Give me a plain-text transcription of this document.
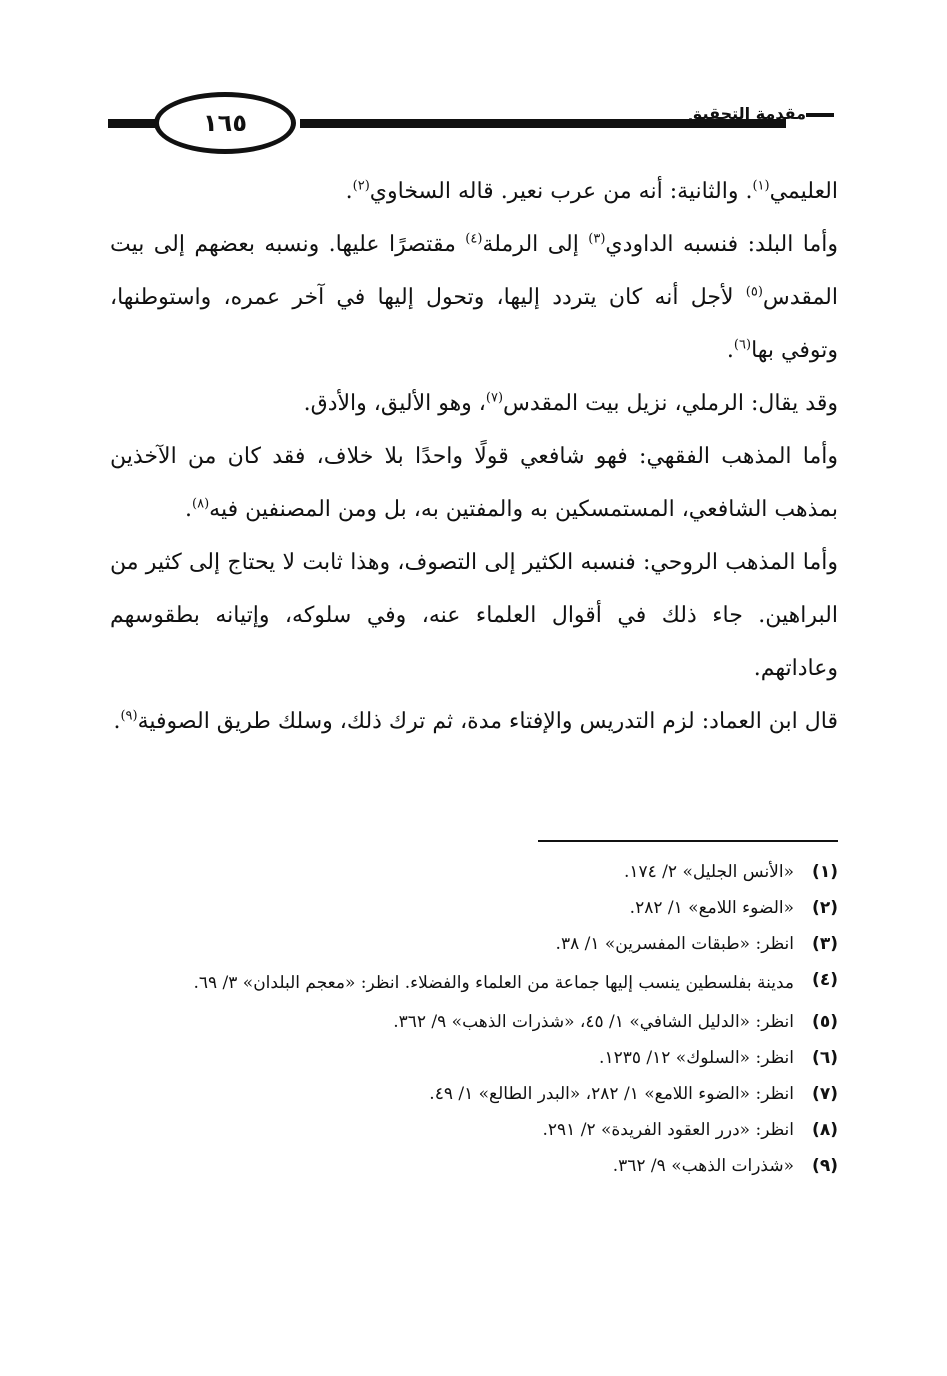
١٦٥	مقدمة التحقيق

العليمي$^{(١)}$. والثانية: أنه من عرب نعير. قاله السخاوي$^{(٢)}$.

وأما البلد: فنسبه الداودي$^{(٣)}$ إلى الرملة$^{(٤)}$ مقتصرًا عليها. ونسبه بعضهم إلى بيت المقدس$^{(٥)}$ لأجل أنه كان يتردد إليها، وتحول إليها في آخر عمره، واستوطنها، وتوفي بها$^{(٦)}$.

وقد يقال: الرملي، نزيل بيت المقدس$^{(٧)}$، وهو الأليق، والأدق.

وأما المذهب الفقهي: فهو شافعي قولًا واحدًا بلا خلاف، فقد كان من الآخذين بمذهب الشافعي، المستمسكين به والمفتين به، بل ومن المصنفين فيه$^{(٨)}$.

وأما المذهب الروحي: فنسبه الكثير إلى التصوف، وهذا ثابت لا يحتاج إلى كثير من البراهين. جاء ذلك في أقوال العلماء عنه، وفي سلوكه، وإتيانه بطقوسهم وعاداتهم.

قال ابن العماد: لزم التدريس والإفتاء مدة، ثم ترك ذلك، وسلك طريق الصوفية$^{(٩)}$.

(١)
«الأنس الجليل» ٢/ ١٧٤.
(٢)
«الضوء اللامع» ١/ ٢٨٢.
(٣)
انظر: «طبقات المفسرين» ١/ ٣٨.
(٤)
مدينة بفلسطين ينسب إليها جماعة من العلماء والفضلاء. انظر: «معجم البلدان» ٣/ ٦٩.
(٥)
انظر: «الدليل الشافي» ١/ ٤٥، «شذرات الذهب» ٩/ ٣٦٢.
(٦)
انظر: «السلوك» ١٢/ ١٢٣٥.
(٧)
انظر: «الضوء اللامع» ١/ ٢٨٢، «البدر الطالع» ١/ ٤٩.
(٨)
انظر: «درر العقود الفريدة» ٢/ ٢٩١.
(٩)
«شذرات الذهب» ٩/ ٣٦٢.
